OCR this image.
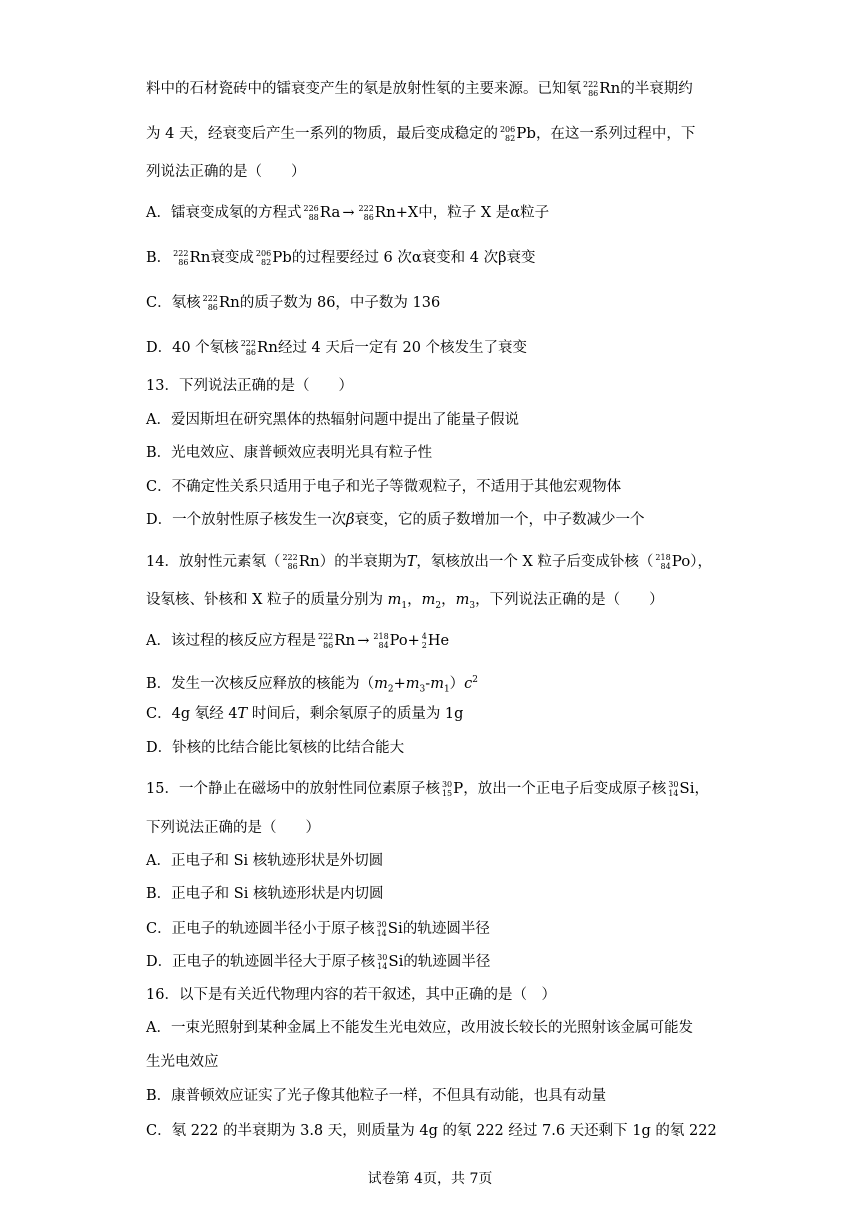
料中的石材瓷砖中的镭衰变产生的氡是放射性氡的主要来源。已知氡 222
86 Rn的半衰期约
为 4 天，经衰变后产生一系列的物质，最后变成稳定的 206
82 Pb，在这一系列过程中，下
列说法正确的是（　　）
A．镭衰变成氡的方程式 226
88 Ra → 222
86 Rn+X中，粒子 X 是α粒子
B． 222
86 Rn衰变成 206
82 Pb的过程要经过 6 次α衰变和 4 次β衰变
C．氡核 222
86 Rn的质子数为 86，中子数为 136
D．40 个氡核 222
86 Rn经过 4 天后一定有 20 个核发生了衰变
13．下列说法正确的是（　　）
A．爱因斯坦在研究黑体的热辐射问题中提出了能量子假说
B．光电效应、康普顿效应表明光具有粒子性
C．不确定性关系只适用于电子和光子等微观粒子，不适用于其他宏观物体
D．一个放射性原子核发生一次β衰变，它的质子数增加一个，中子数减少一个
14．放射性元素氡（ 222
86 Rn）的半衰期为T，氡核放出一个 X 粒子后变成钋核（ 218
84 Po），
设氡核、钋核和 X 粒子的质量分别为 $m_1$，$m_2$，$m_3$，下列说法正确的是（　　）
A．该过程的核反应方程是 222
86 Rn → 218
84 Po+ 4
2 He
B．发生一次核反应释放的核能为$(m_2+m_3-m_1)c^2$
C．4g 氡经 4T 时间后，剩余氡原子的质量为 1g
D．钋核的比结合能比氡核的比结合能大
15．一个静止在磁场中的放射性同位素原子核 30
15 P，放出一个正电子后变成原子核 30
14 Si，
下列说法正确的是（　　）
A．正电子和 Si 核轨迹形状是外切圆
B．正电子和 Si 核轨迹形状是内切圆
C．正电子的轨迹圆半径小于原子核 30
14 Si的轨迹圆半径
D．正电子的轨迹圆半径大于原子核 30
14 Si的轨迹圆半径
16．以下是有关近代物理内容的若干叙述，其中正确的是（　）
A．一束光照射到某种金属上不能发生光电效应，改用波长较长的光照射该金属可能发
生光电效应
B．康普顿效应证实了光子像其他粒子一样，不但具有动能，也具有动量
C．氡 222 的半衰期为 3.8 天，则质量为 4g 的氡 222 经过 7.6 天还剩下 1g 的氡 222
试卷第 4页，共 7页
